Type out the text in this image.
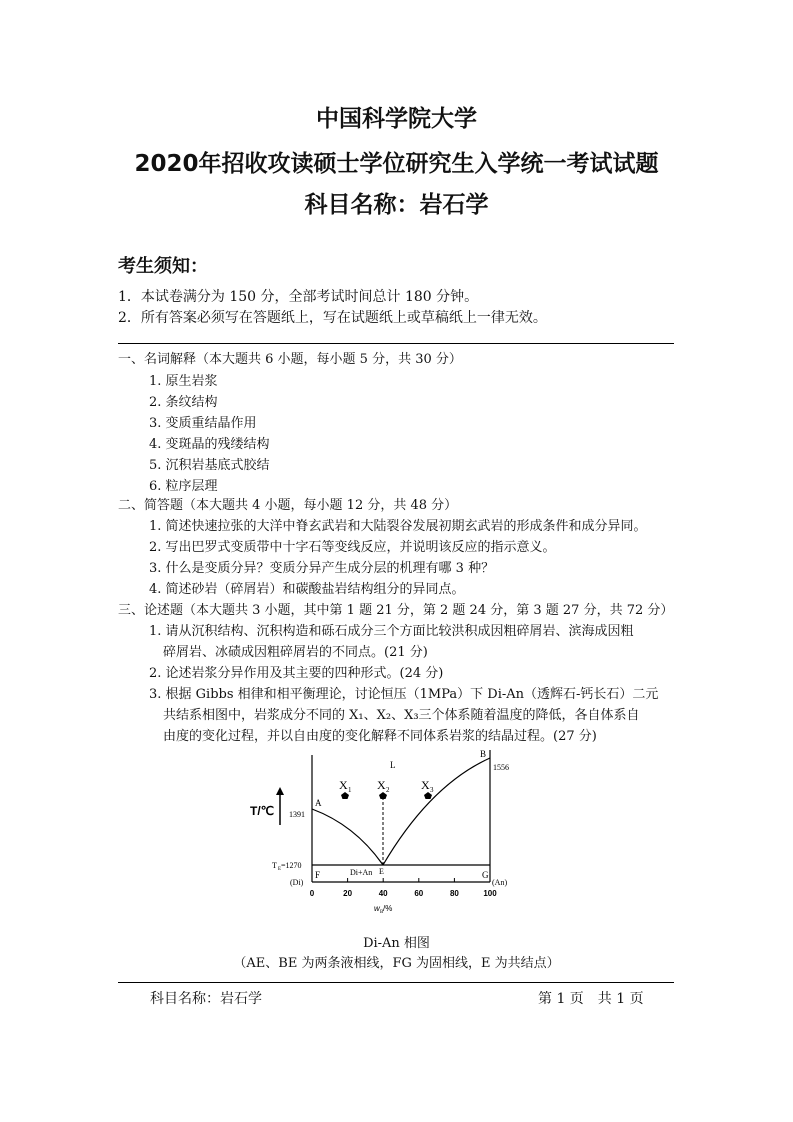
中国科学院大学
2020年招收攻读硕士学位研究生入学统一考试试题
科目名称：岩石学
考生须知：
1．本试卷满分为 150 分，全部考试时间总计 180 分钟。
2．所有答案必须写在答题纸上，写在试题纸上或草稿纸上一律无效。
一、名词解释（本大题共 6 小题，每小题 5 分，共 30 分）
1. 原生岩浆
2. 条纹结构
3. 变质重结晶作用
4. 变斑晶的残缕结构
5. 沉积岩基底式胶结
6. 粒序层理
二、简答题（本大题共 4 小题，每小题 12 分，共 48 分）
1. 简述快速拉张的大洋中脊玄武岩和大陆裂谷发展初期玄武岩的形成条件和成分异同。
2. 写出巴罗式变质带中十字石等变线反应，并说明该反应的指示意义。
3. 什么是变质分异？变质分异产生成分层的机理有哪 3 种？
4. 简述砂岩（碎屑岩）和碳酸盐岩结构组分的异同点。
三、论述题（本大题共 3 小题，其中第 1 题 21 分，第 2 题 24 分，第 3 题 27 分，共 72 分）
1. 请从沉积结构、沉积构造和砾石成分三个方面比较洪积成因粗碎屑岩、滨海成因粗
碎屑岩、冰碛成因粗碎屑岩的不同点。(21 分)
2. 论述岩浆分异作用及其主要的四种形式。(24 分)
3. 根据 Gibbs 相律和相平衡理论，讨论恒压（1MPa）下 Di-An（透辉石-钙长石）二元
共结系相图中，岩浆成分不同的 X₁、X₂、X₃三个体系随着温度的降低，各自体系自
由度的变化过程，并以自由度的变化解释不同体系岩浆的结晶过程。(27 分)
X 1 X 2	X 3
L
B
1556
A
1391
T E =1270
F	Di+An E	G
(Di)	(An)
0	20	40	60	80	100
w B /%
T/℃
Di-An 相图
（AE、BE 为两条液相线，FG 为固相线，E 为共结点）
科目名称：岩石学	第 1 页　共 1 页
